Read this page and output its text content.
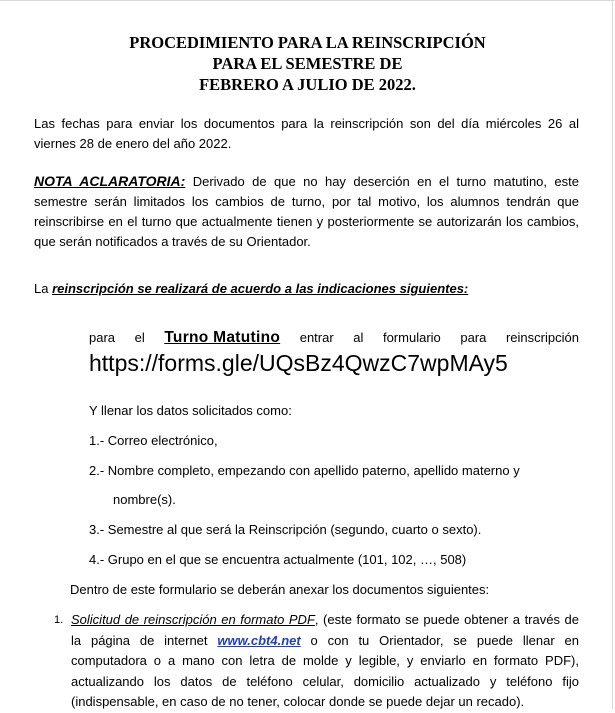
PROCEDIMIENTO PARA LA REINSCRIPCIÓN
PARA EL SEMESTRE DE
FEBRERO A JULIO DE 2022.
Las fechas para enviar los documentos para la reinscripción son del día miércoles 26 al viernes 28 de enero del año 2022.
NOTA ACLARATORIA: Derivado de que no hay deserción en el turno matutino, este semestre serán limitados los cambios de turno, por tal motivo, los alumnos tendrán que reinscribirse en el turno que actualmente tienen y posteriormente se autorizarán los cambios, que serán notificados a través de su Orientador.
La reinscripción se realizará de acuerdo a las indicaciones siguientes:
para el Turno Matutino entrar al formulario para reinscripción
https://forms.gle/UQsBz4QwzC7wpMAy5
Y llenar los datos solicitados como:
1.- Correo electrónico,
2.- Nombre completo, empezando con apellido paterno, apellido materno y
nombre(s).
3.- Semestre al que será la Reinscripción (segundo, cuarto o sexto).
4.- Grupo en el que se encuentra actualmente (101, 102, …, 508)
Dentro de este formulario se deberán anexar los documentos siguientes:
1. Solicitud de reinscripción en formato PDF, (este formato se puede obtener a través de la página de internet www.cbt4.net o con tu Orientador, se puede llenar en computadora o a mano con letra de molde y legible, y enviarlo en formato PDF), actualizando los datos de teléfono celular, domicilio actualizado y teléfono fijo (indispensable, en caso de no tener, colocar donde se puede dejar un recado).
